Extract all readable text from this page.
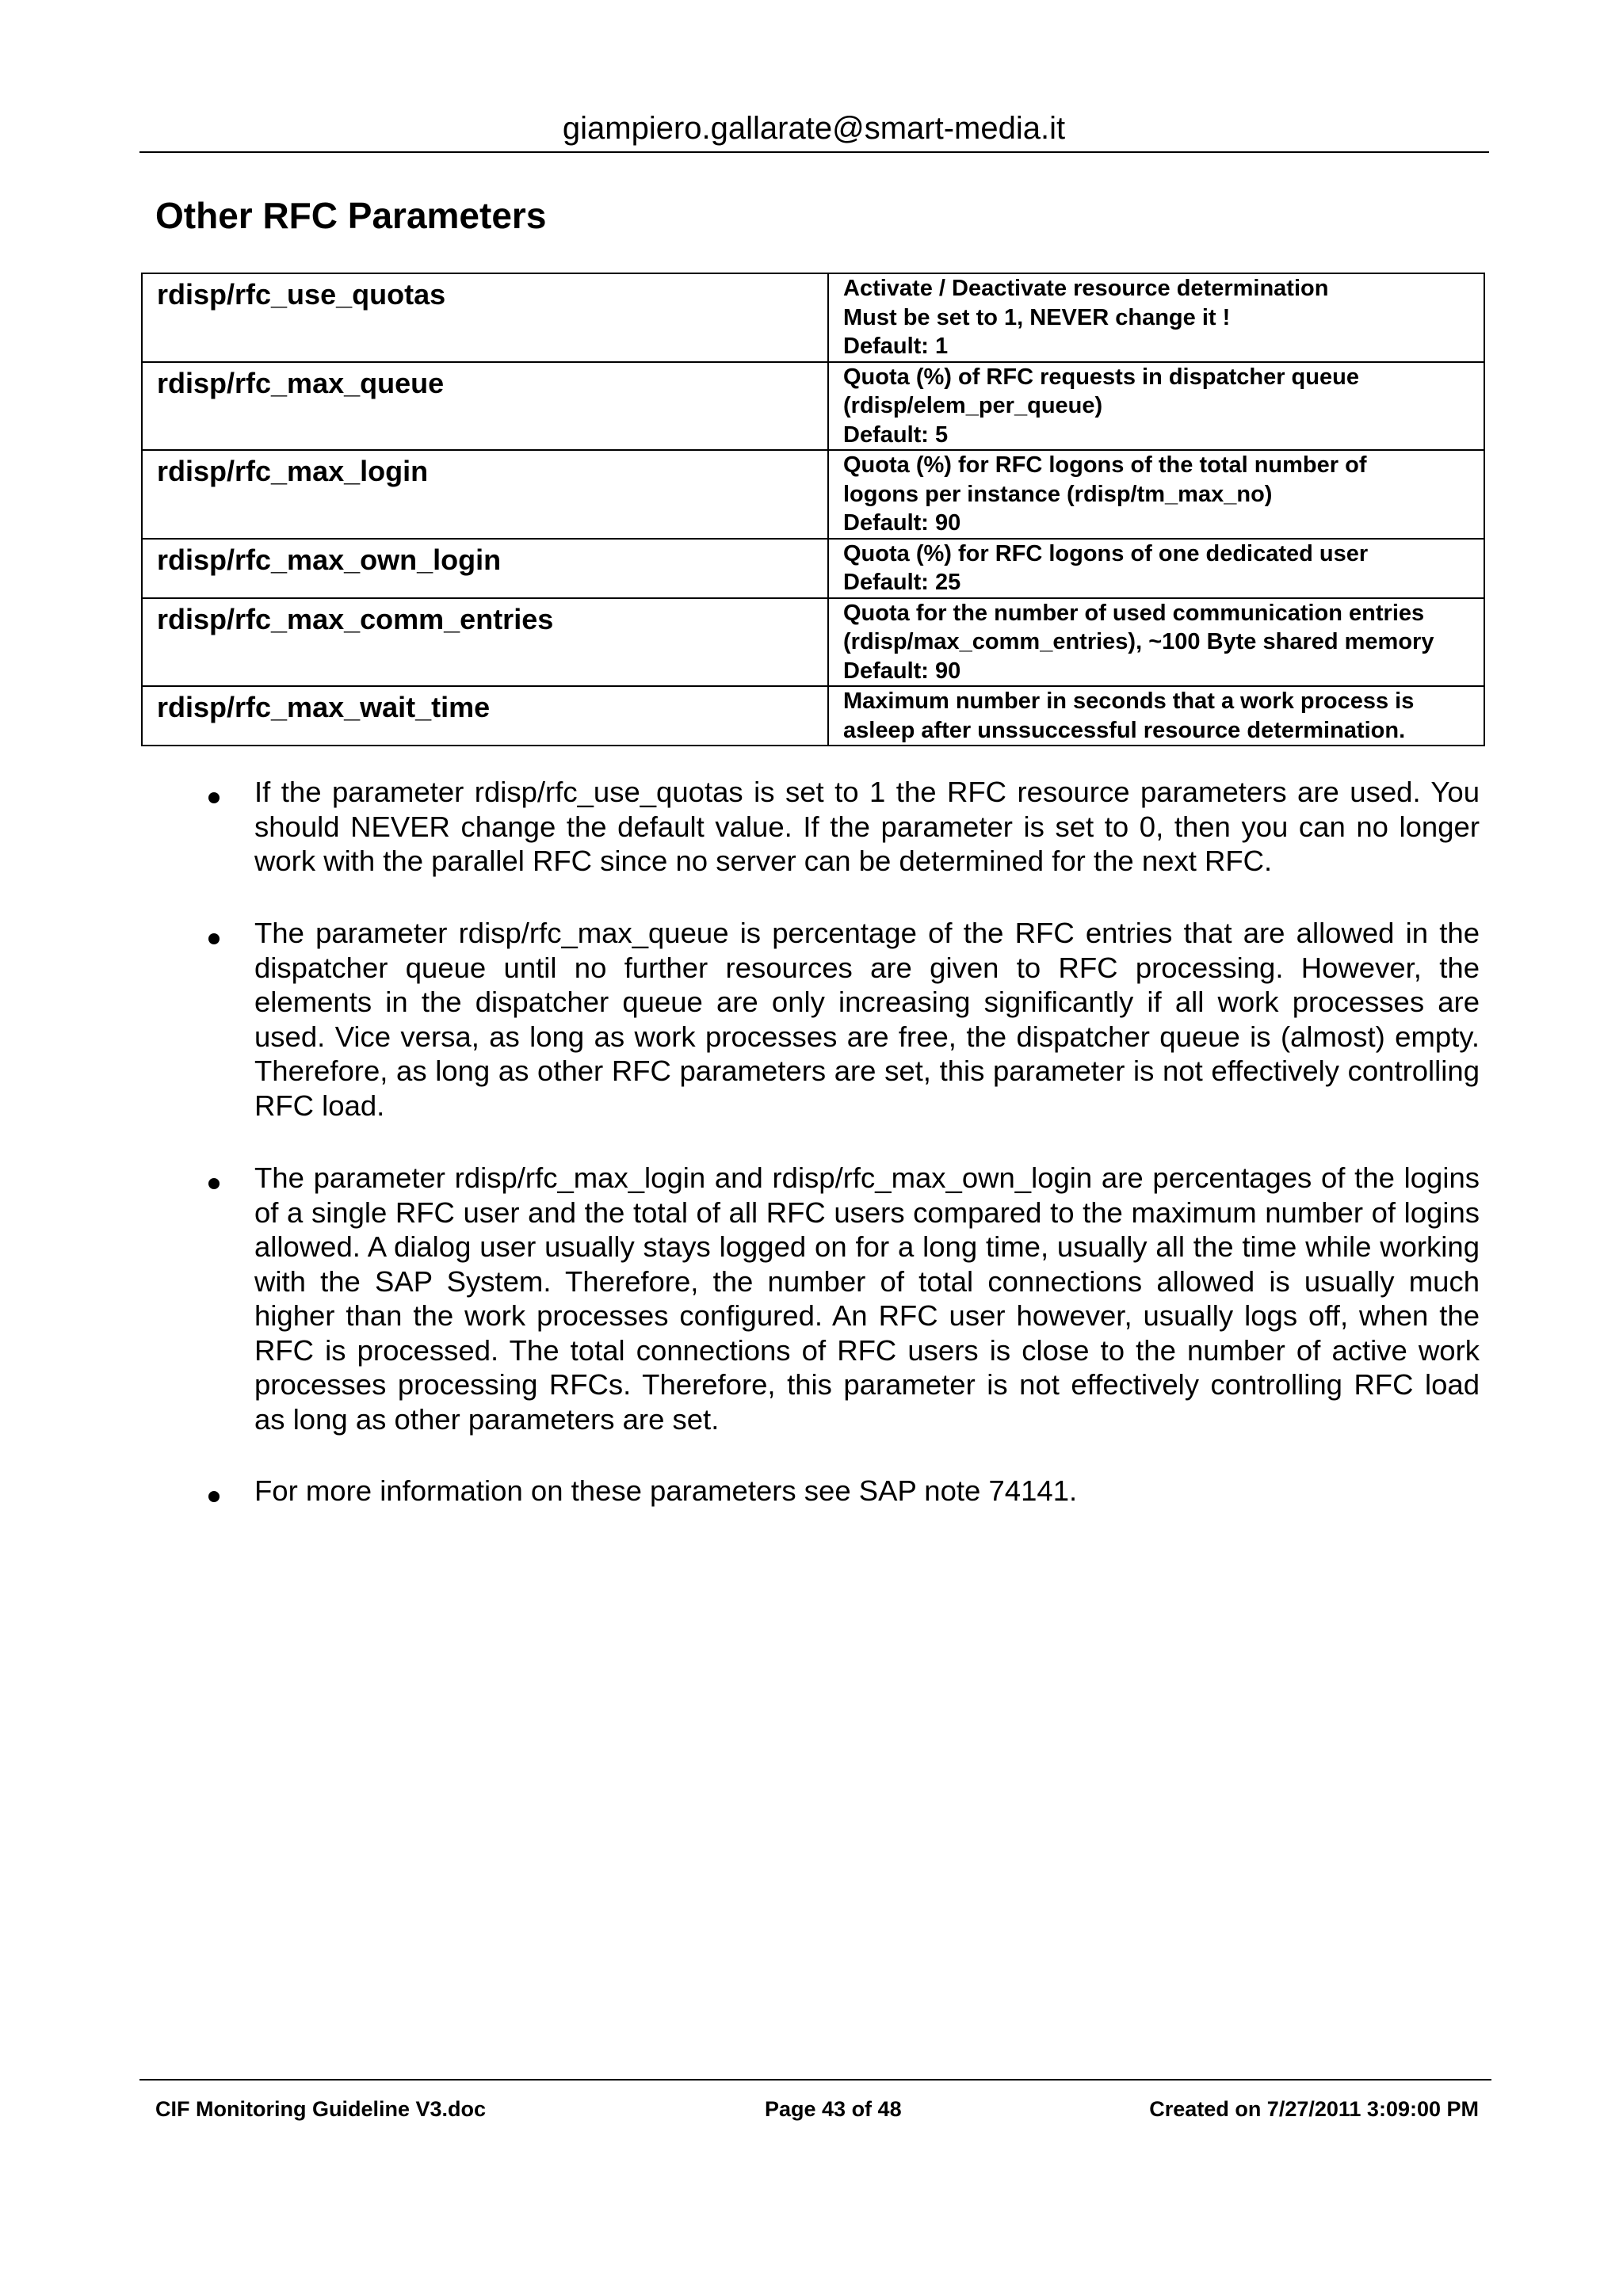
giampiero.gallarate@smart-media.it
Other RFC Parameters
rdisp/rfc_use_quotas	Activate / Deactivate resource determination
Must be set to 1, NEVER change it !
Default: 1

rdisp/rfc_max_queue	Quota (%) of RFC requests in dispatcher queue
(rdisp/elem_per_queue)
Default: 5

rdisp/rfc_max_login	Quota (%) for RFC logons of the total number of
logons per instance (rdisp/tm_max_no)
Default: 90

rdisp/rfc_max_own_login	Quota (%) for RFC logons of one dedicated user
Default: 25

rdisp/rfc_max_comm_entries	Quota for the number of used communication entries
(rdisp/max_comm_entries), ~100 Byte shared memory
Default: 90

rdisp/rfc_max_wait_time	Maximum number in seconds that a work process is
asleep after unssuccessful resource determination.
If the parameter rdisp/rfc_use_quotas is set to 1 the RFC resource parameters are used. You should NEVER change the default value. If the parameter is set to 0, then you can no longer work with the parallel RFC since no server can be determined for the next RFC.
The parameter rdisp/rfc_max_queue is percentage of the RFC entries that are allowed in the dispatcher queue until no further resources are given to RFC processing. However, the elements in the dispatcher queue are only increasing significantly if all work processes are used. Vice versa, as long as work processes are free, the dispatcher queue is (almost) empty. Therefore, as long as other RFC parameters are set, this parameter is not effectively controlling RFC load.
The parameter rdisp/rfc_max_login and rdisp/rfc_max_own_login are percentages of the logins of a single RFC user and the total of all RFC users compared to the maximum number of logins allowed. A dialog user usually stays logged on for a long time, usually all the time while working with the SAP System. Therefore, the number of total connections allowed is usually much higher than the work processes configured. An RFC user however, usually logs off, when the RFC is processed. The total connections of RFC users is close to the number of active work processes processing RFCs. Therefore, this parameter is not effectively controlling RFC load as long as other parameters are set.
For more information on these parameters see SAP note 74141.
CIF Monitoring Guideline V3.doc	Page 43 of 48	Created on 7/27/2011 3:09:00 PM
